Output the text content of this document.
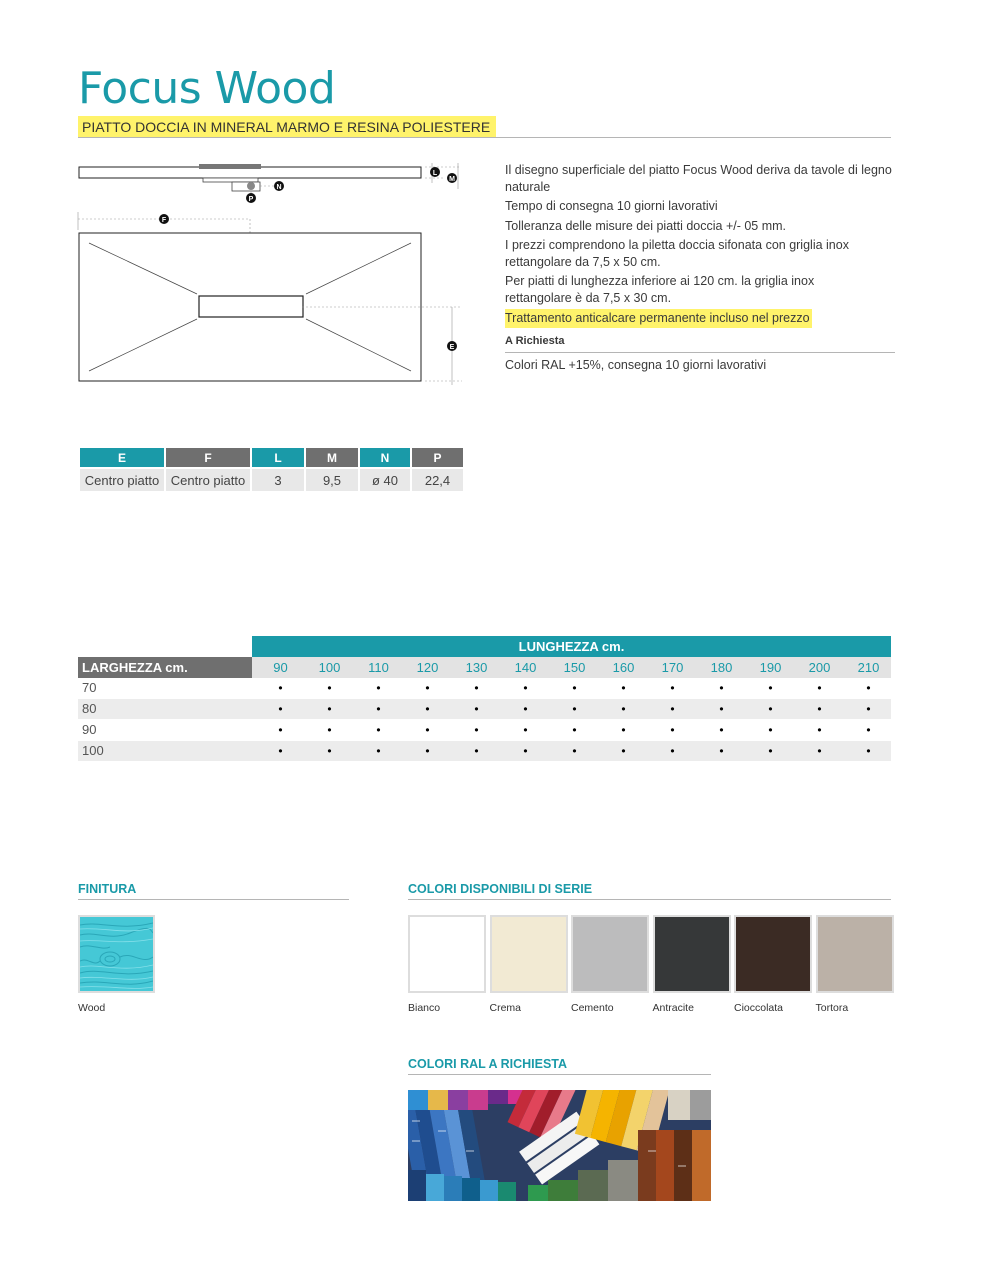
Focus Wood
PIATTO DOCCIA IN MINERAL MARMO E RESINA POLIESTERE
L
M
N
P
F
E

Il disegno superficiale del piatto Focus Wood deriva da tavole di legno naturale

Tempo di consegna 10 giorni lavorativi

Tolleranza delle misure dei piatti doccia +/- 05 mm.

I prezzi comprendono la piletta doccia sifonata con griglia inox rettangolare da 7,5 x 50 cm.

Per piatti di lunghezza inferiore ai 120 cm. la griglia inox rettangolare è da 7,5 x 30 cm.

Trattamento anticalcare permanente incluso nel prezzo

A Richiesta
Colori RAL +15%, consegna 10 giorni lavorativi
E	F	L	M	N	P
Centro piatto	Centro piatto	3	9,5	ø 40	22,4
LUNGHEZZA cm.
90	100	110	120	130	140	150	160	170	180	190	200	210
LARGHEZZA cm.
70	•	•	•	•	•	•	•	•	•	•	•	•	•
80	•	•	•	•	•	•	•	•	•	•	•	•	•
90	•	•	•	•	•	•	•	•	•	•	•	•	•
100	•	•	•	•	•	•	•	•	•	•	•	•	•
FINITURA
Wood
COLORI DISPONIBILI DI SERIE
Bianco	Crema	Cemento	Antracite	Cioccolata	Tortora
COLORI RAL A RICHIESTA
